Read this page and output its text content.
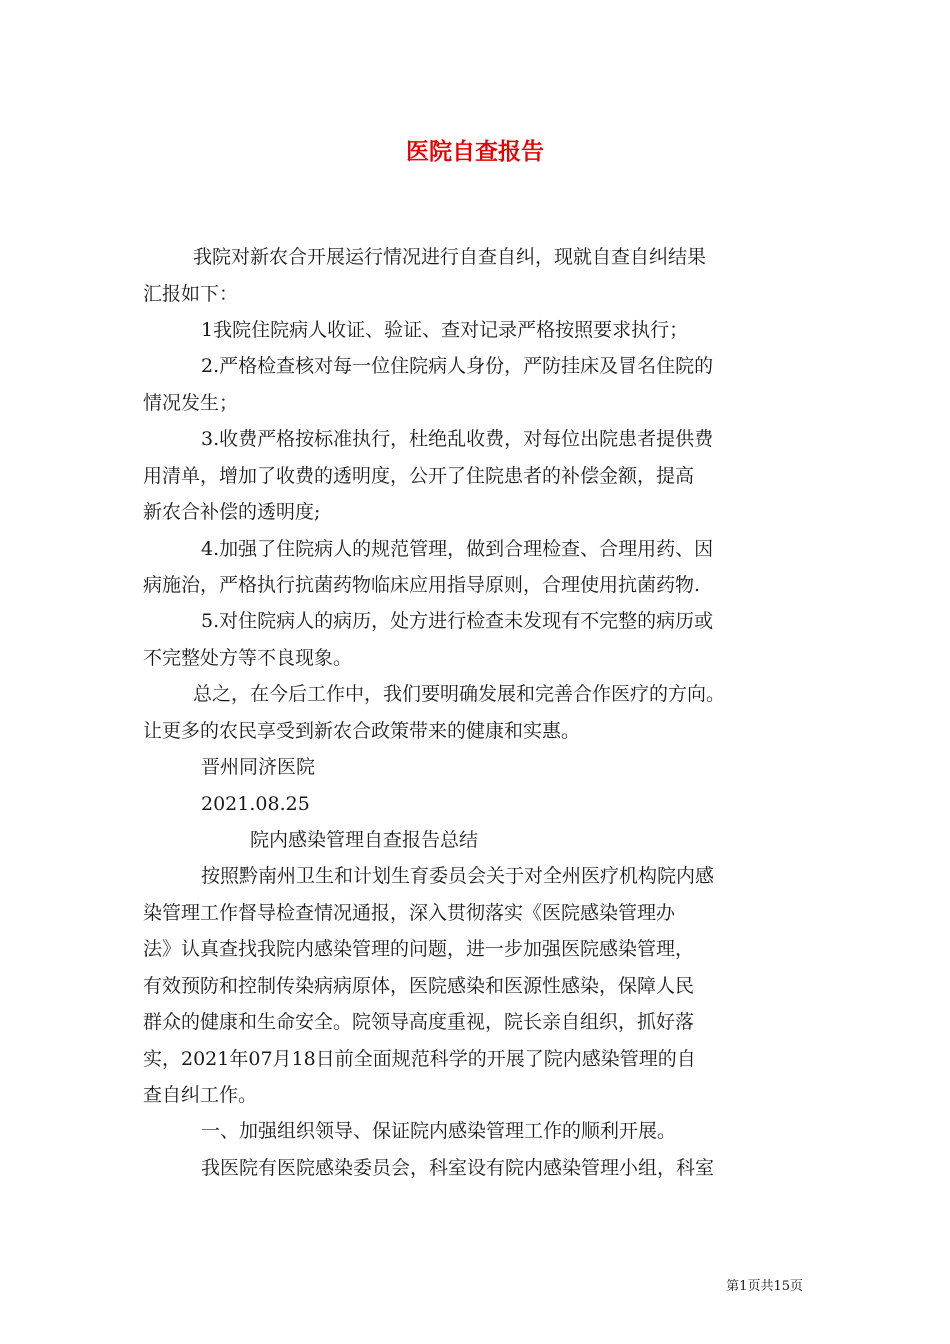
医院自查报告
我院对新农合开展运行情况进行自查自纠，现就自查自纠结果
汇报如下：
1我院住院病人收证、验证、查对记录严格按照要求执行；
2.严格检查核对每一位住院病人身份，严防挂床及冒名住院的
情况发生；
3.收费严格按标准执行，杜绝乱收费，对每位出院患者提供费
用清单，增加了收费的透明度，公开了住院患者的补偿金额，提高
新农合补偿的透明度;
4.加强了住院病人的规范管理，做到合理检查、合理用药、因
病施治，严格执行抗菌药物临床应用指导原则，合理使用抗菌药物.
5.对住院病人的病历，处方进行检查未发现有不完整的病历或
不完整处方等不良现象。
总之，在今后工作中，我们要明确发展和完善合作医疗的方向。
让更多的农民享受到新农合政策带来的健康和实惠。
晋州同济医院
2021.08.25
院内感染管理自查报告总结
按照黔南州卫生和计划生育委员会关于对全州医疗机构院内感
染管理工作督导检查情况通报，深入贯彻落实《医院感染管理办
法》认真查找我院内感染管理的问题，进一步加强医院感染管理，
有效预防和控制传染病病原体，医院感染和医源性感染，保障人民
群众的健康和生命安全。院领导高度重视，院长亲自组织，抓好落
实，2021年07月18日前全面规范科学的开展了院内感染管理的自
查自纠工作。
一、加强组织领导、保证院内感染管理工作的顺利开展。
我医院有医院感染委员会，科室设有院内感染管理小组，科室
第1页共15页
